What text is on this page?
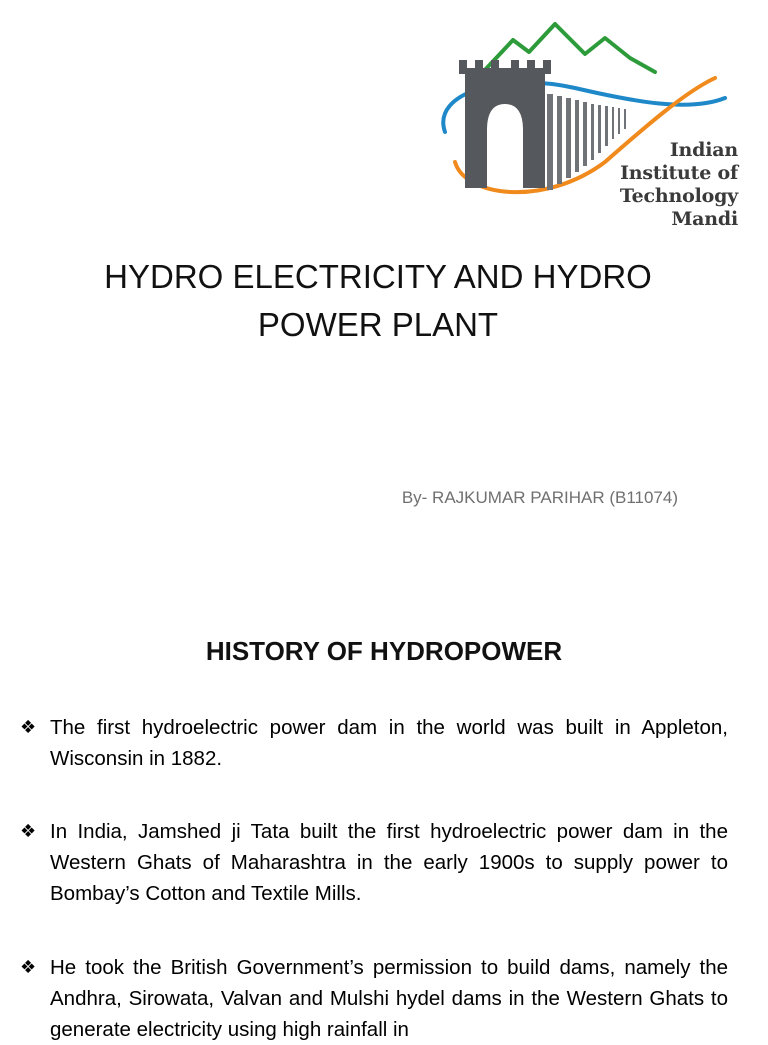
Indian
Institute of
Technology
Mandi
HYDRO ELECTRICITY AND HYDRO
POWER PLANT
By- RAJKUMAR PARIHAR (B11074)
HISTORY OF HYDROPOWER
❖ The first hydroelectric power dam in the world was built in Appleton, Wisconsin in 1882.

❖ In India, Jamshed ji Tata built the first hydroelectric power dam in the Western Ghats of Maharashtra in the early 1900s to supply power to Bombay’s Cotton and Textile Mills.

❖ He took the British Government’s permission to build dams, namely the Andhra, Sirowata, Valvan and Mulshi hydel dams in the Western Ghats to generate electricity using high rainfall in
